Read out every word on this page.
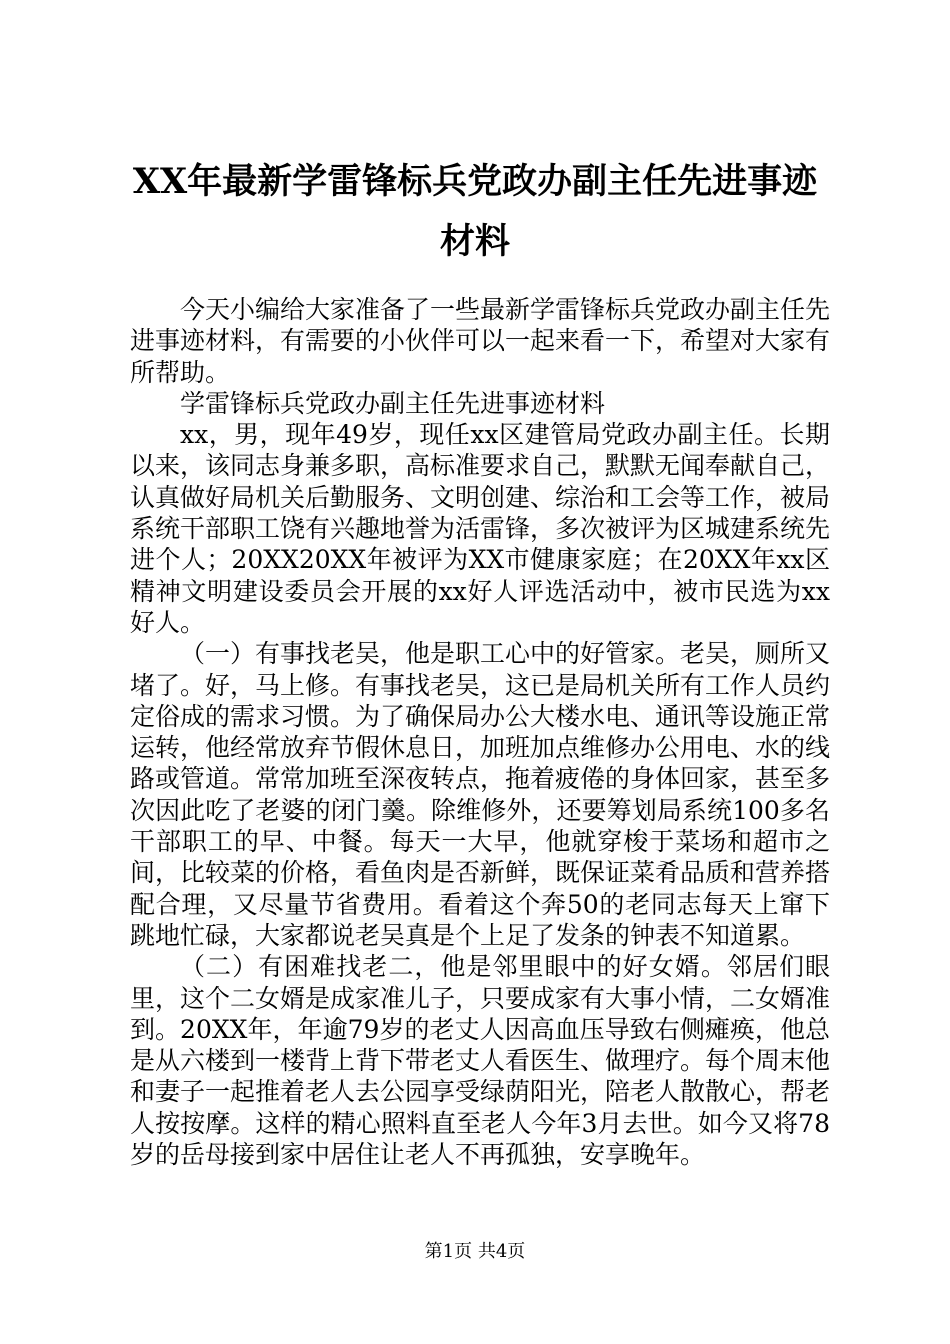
XX年最新学雷锋标兵党政办副主任先进事迹
材料

今天小编给大家准备了一些最新学雷锋标兵党政办副主任先进事迹材料，有需要的小伙伴可以一起来看一下，希望对大家有所帮助。

学雷锋标兵党政办副主任先进事迹材料

xx，男，现年49岁，现任xx区建管局党政办副主任。长期以来，该同志身兼多职，高标准要求自己，默默无闻奉献自己，认真做好局机关后勤服务、文明创建、综治和工会等工作，被局系统干部职工饶有兴趣地誉为活雷锋，多次被评为区城建系统先进个人；20XX20XX年被评为XX市健康家庭；在20XX年xx区精神文明建设委员会开展的xx好人评选活动中，被市民选为xx好人。

（一）有事找老吴，他是职工心中的好管家。老吴，厕所又堵了。好，马上修。有事找老吴，这已是局机关所有工作人员约定俗成的需求习惯。为了确保局办公大楼水电、通讯等设施正常运转，他经常放弃节假休息日，加班加点维修办公用电、水的线路或管道。常常加班至深夜转点，拖着疲倦的身体回家，甚至多次因此吃了老婆的闭门羹。除维修外，还要筹划局系统100多名干部职工的早、中餐。每天一大早，他就穿梭于菜场和超市之间，比较菜的价格，看鱼肉是否新鲜，既保证菜肴品质和营养搭配合理，又尽量节省费用。看着这个奔50的老同志每天上窜下跳地忙碌，大家都说老吴真是个上足了发条的钟表不知道累。

（二）有困难找老二，他是邻里眼中的好女婿。邻居们眼里，这个二女婿是成家准儿子，只要成家有大事小情，二女婿准到。20XX年，年逾79岁的老丈人因高血压导致右侧瘫痪，他总是从六楼到一楼背上背下带老丈人看医生、做理疗。每个周末他和妻子一起推着老人去公园享受绿荫阳光，陪老人散散心，帮老人按按摩。这样的精心照料直至老人今年3月去世。如今又将78岁的岳母接到家中居住让老人不再孤独，安享晚年。

第1页 共4页
